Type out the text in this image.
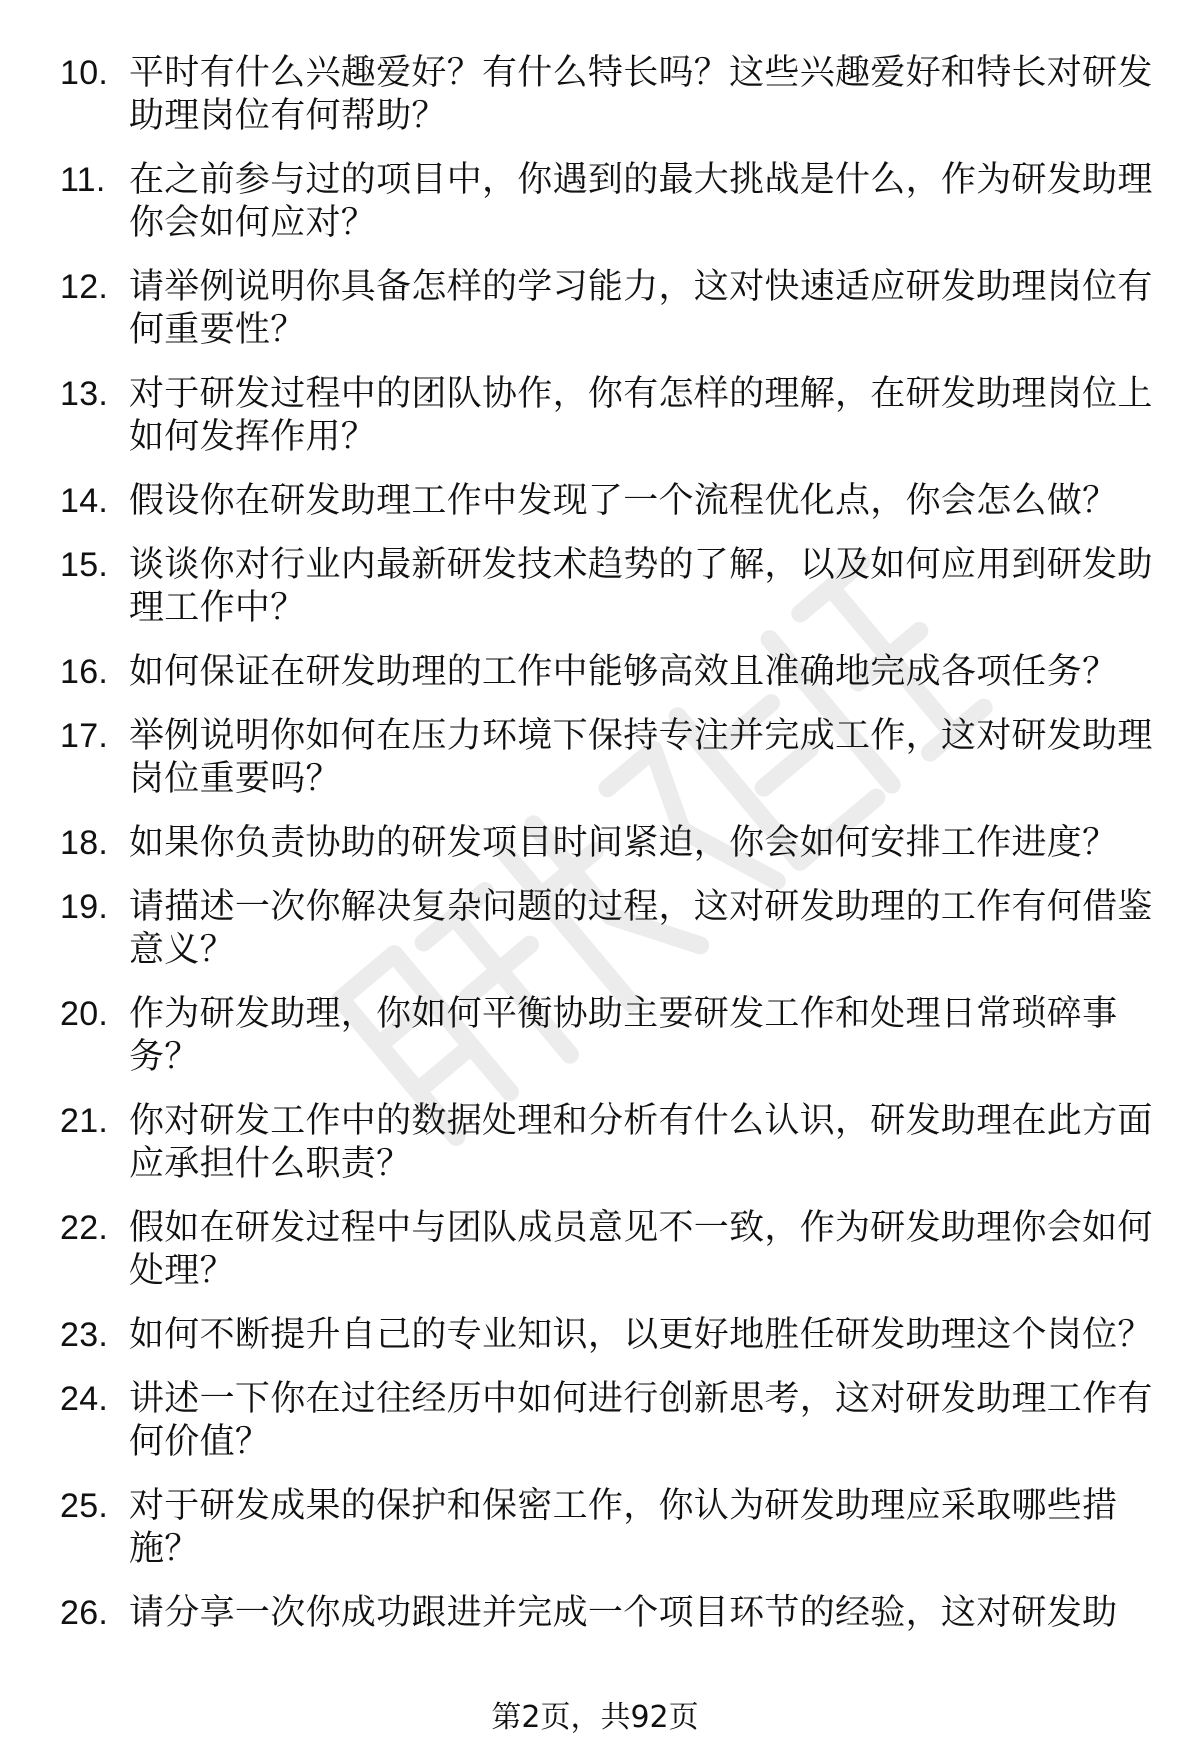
10. 平时有什么兴趣爱好？有什么特长吗？这些兴趣爱好和特长对研发助理岗位有何帮助？
11. 在之前参与过的项目中，你遇到的最大挑战是什么，作为研发助理你会如何应对？
12. 请举例说明你具备怎样的学习能力，这对快速适应研发助理岗位有何重要性？
13. 对于研发过程中的团队协作，你有怎样的理解，在研发助理岗位上如何发挥作用？
14. 假设你在研发助理工作中发现了一个流程优化点，你会怎么做？
15. 谈谈你对行业内最新研发技术趋势的了解，以及如何应用到研发助理工作中？
16. 如何保证在研发助理的工作中能够高效且准确地完成各项任务？
17. 举例说明你如何在压力环境下保持专注并完成工作，这对研发助理岗位重要吗？
18. 如果你负责协助的研发项目时间紧迫，你会如何安排工作进度？
19. 请描述一次你解决复杂问题的过程，这对研发助理的工作有何借鉴意义？
20. 作为研发助理，你如何平衡协助主要研发工作和处理日常琐碎事务？
21. 你对研发工作中的数据处理和分析有什么认识，研发助理在此方面应承担什么职责？
22. 假如在研发过程中与团队成员意见不一致，作为研发助理你会如何处理？
23. 如何不断提升自己的专业知识，以更好地胜任研发助理这个岗位？
24. 讲述一下你在过往经历中如何进行创新思考，这对研发助理工作有何价值？
25. 对于研发成果的保护和保密工作，你认为研发助理应采取哪些措施？
26. 请分享一次你成功跟进并完成一个项目环节的经验，这对研发助
第2页，共92页
